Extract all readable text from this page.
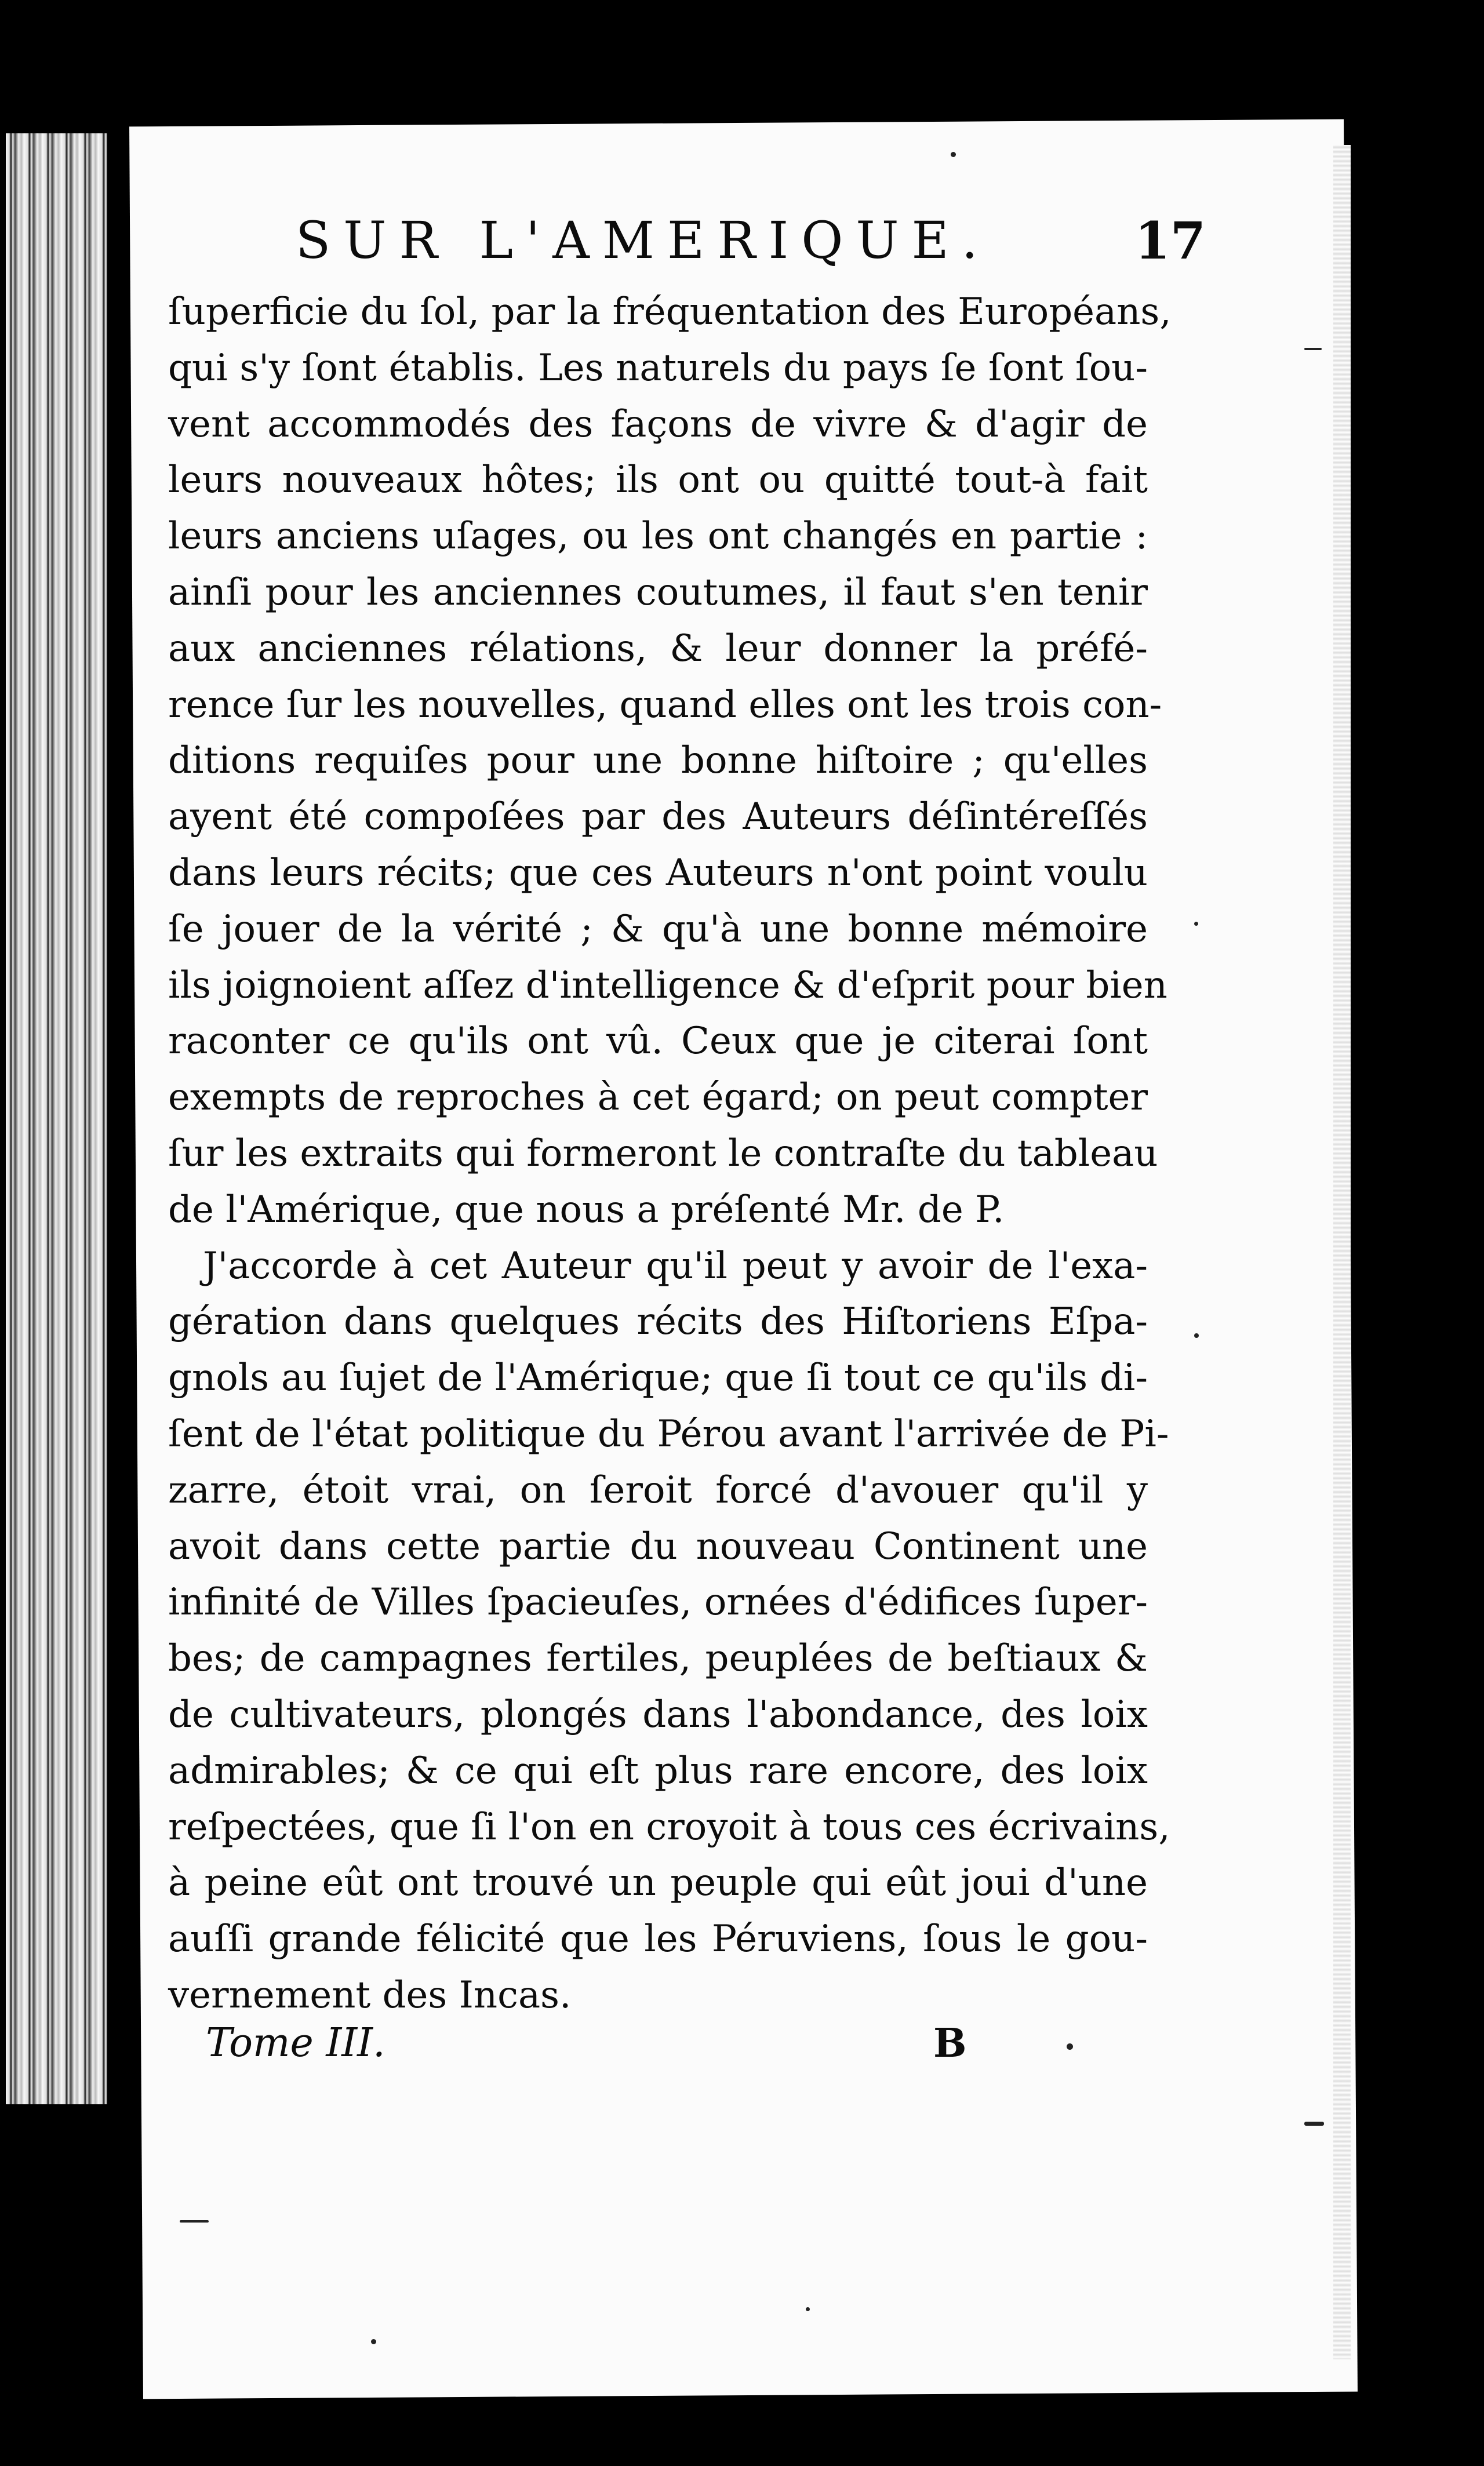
SUR L'AMERIQUE.	17
ſuperficie du ſol, par la fréquentation des Européans,
qui s'y ſont établis. Les naturels du pays ſe ſont ſou-
vent accommodés des façons de vivre & d'agir de
leurs nouveaux hôtes; ils ont ou quitté tout-à fait
leurs anciens uſages, ou les ont changés en partie :
ainſi pour les anciennes coutumes, il faut s'en tenir
aux anciennes rélations, & leur donner la préfé-
rence ſur les nouvelles, quand elles ont les trois con-
ditions requiſes pour une bonne hiſtoire ; qu'elles
ayent été compoſées par des Auteurs déſintéreſſés
dans leurs récits; que ces Auteurs n'ont point voulu
ſe jouer de la vérité ; & qu'à une bonne mémoire
ils joignoient aſſez d'intelligence & d'eſprit pour bien
raconter ce qu'ils ont vû. Ceux que je citerai ſont
exempts de reproches à cet égard; on peut compter
ſur les extraits qui formeront le contraſte du tableau
de l'Amérique, que nous a préſenté Mr. de P.
J'accorde à cet Auteur qu'il peut y avoir de l'exa-
gération dans quelques récits des Hiſtoriens Eſpa-
gnols au ſujet de l'Amérique; que ſi tout ce qu'ils di-
ſent de l'état politique du Pérou avant l'arrivée de Pi-
zarre, étoit vrai, on ſeroit forcé d'avouer qu'il y
avoit dans cette partie du nouveau Continent une
infinité de Villes ſpacieuſes, ornées d'édifices ſuper-
bes; de campagnes fertiles, peuplées de beſtiaux &
de cultivateurs, plongés dans l'abondance, des loix
admirables; & ce qui eſt plus rare encore, des loix
reſpectées, que ſi l'on en croyoit à tous ces écrivains,
à peine eût ont trouvé un peuple qui eût joui d'une
auſſi grande félicité que les Péruviens, ſous le gou-
vernement des Incas.
Tome III.	B
